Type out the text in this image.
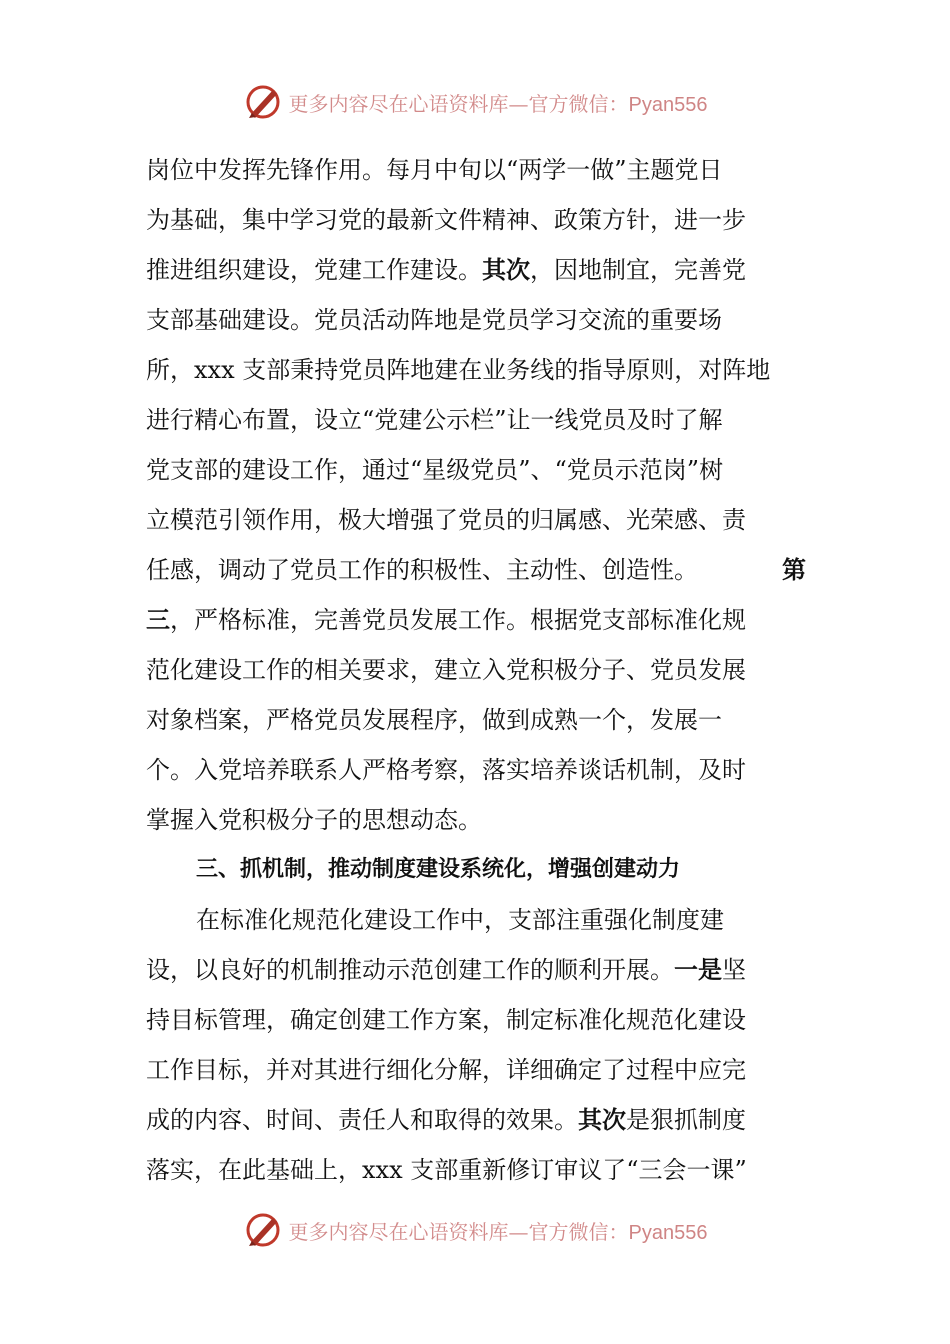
更多内容尽在心语资料库—官方微信：Pyan556
岗位中发挥先锋作用。每月中旬以“两学一做”主题党日
为基础，集中学习党的最新文件精神、政策方针，进一步
推进组织建设，党建工作建设。其次，因地制宜，完善党
支部基础建设。党员活动阵地是党员学习交流的重要场
所，xxx 支部秉持党员阵地建在业务线的指导原则，对阵地
进行精心布置，设立“党建公示栏”让一线党员及时了解
党支部的建设工作，通过“星级党员”、“党员示范岗”树
立模范引领作用，极大增强了党员的归属感、光荣感、责
任感，调动了党员工作的积极性、主动性、创造性。	第
三，严格标准，完善党员发展工作。根据党支部标准化规
范化建设工作的相关要求，建立入党积极分子、党员发展
对象档案，严格党员发展程序，做到成熟一个，发展一
个。入党培养联系人严格考察，落实培养谈话机制，及时
掌握入党积极分子的思想动态。
三、抓机制，推动制度建设系统化，增强创建动力
在标准化规范化建设工作中，支部注重强化制度建
设，以良好的机制推动示范创建工作的顺利开展。一是坚
持目标管理，确定创建工作方案，制定标准化规范化建设
工作目标，并对其进行细化分解，详细确定了过程中应完
成的内容、时间、责任人和取得的效果。其次是狠抓制度
落实，在此基础上，xxx 支部重新修订审议了“三会一课”
更多内容尽在心语资料库—官方微信：Pyan556
